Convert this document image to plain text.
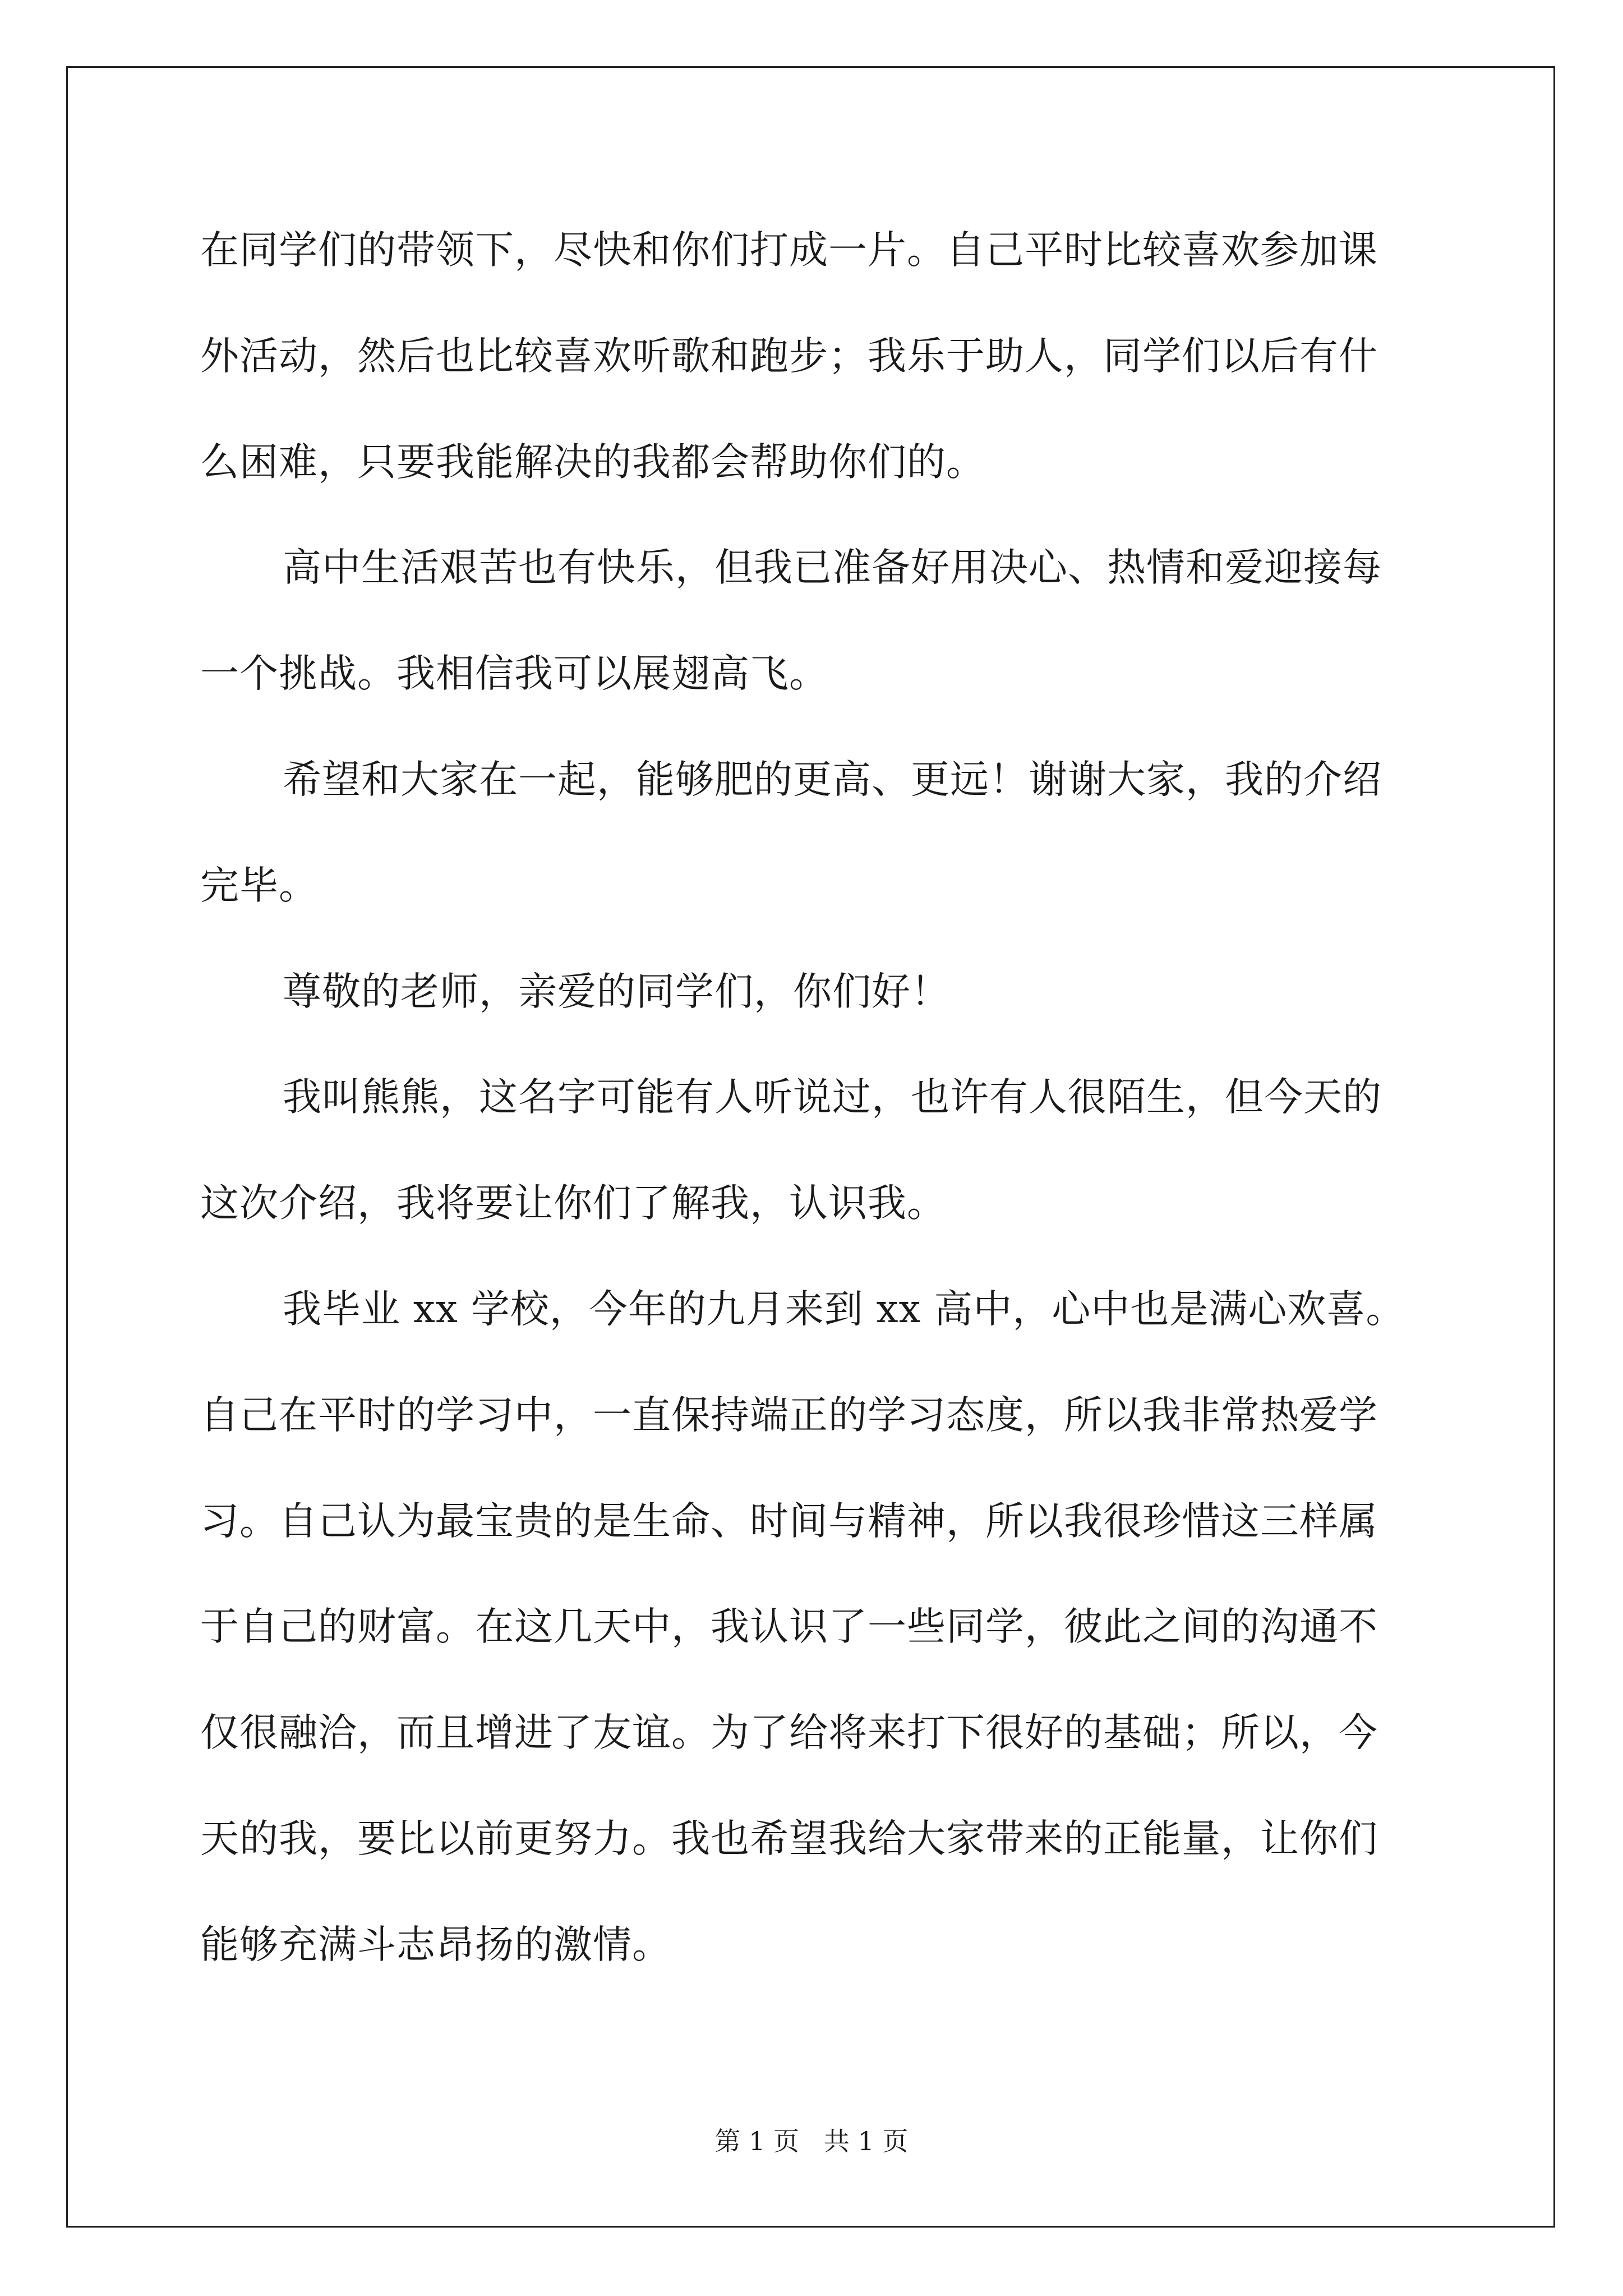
在同学们的带领下，尽快和你们打成一片。自己平时比较喜欢参加课
外活动，然后也比较喜欢听歌和跑步；我乐于助人，同学们以后有什
么困难，只要我能解决的我都会帮助你们的。
高中生活艰苦也有快乐，但我已准备好用决心、热情和爱迎接每
一个挑战。我相信我可以展翅高飞。
希望和大家在一起，能够肥的更高、更远！谢谢大家，我的介绍
完毕。
尊敬的老师，亲爱的同学们，你们好！
我叫熊熊，这名字可能有人听说过，也许有人很陌生，但今天的
这次介绍，我将要让你们了解我，认识我。
我毕业 xx 学校，今年的九月来到 xx 高中，心中也是满心欢喜。
自己在平时的学习中，一直保持端正的学习态度，所以我非常热爱学
习。自己认为最宝贵的是生命、时间与精神，所以我很珍惜这三样属
于自己的财富。在这几天中，我认识了一些同学，彼此之间的沟通不
仅很融洽，而且增进了友谊。为了给将来打下很好的基础；所以，今
天的我，要比以前更努力。我也希望我给大家带来的正能量，让你们
能够充满斗志昂扬的激情。
第 1 页   共 1 页
